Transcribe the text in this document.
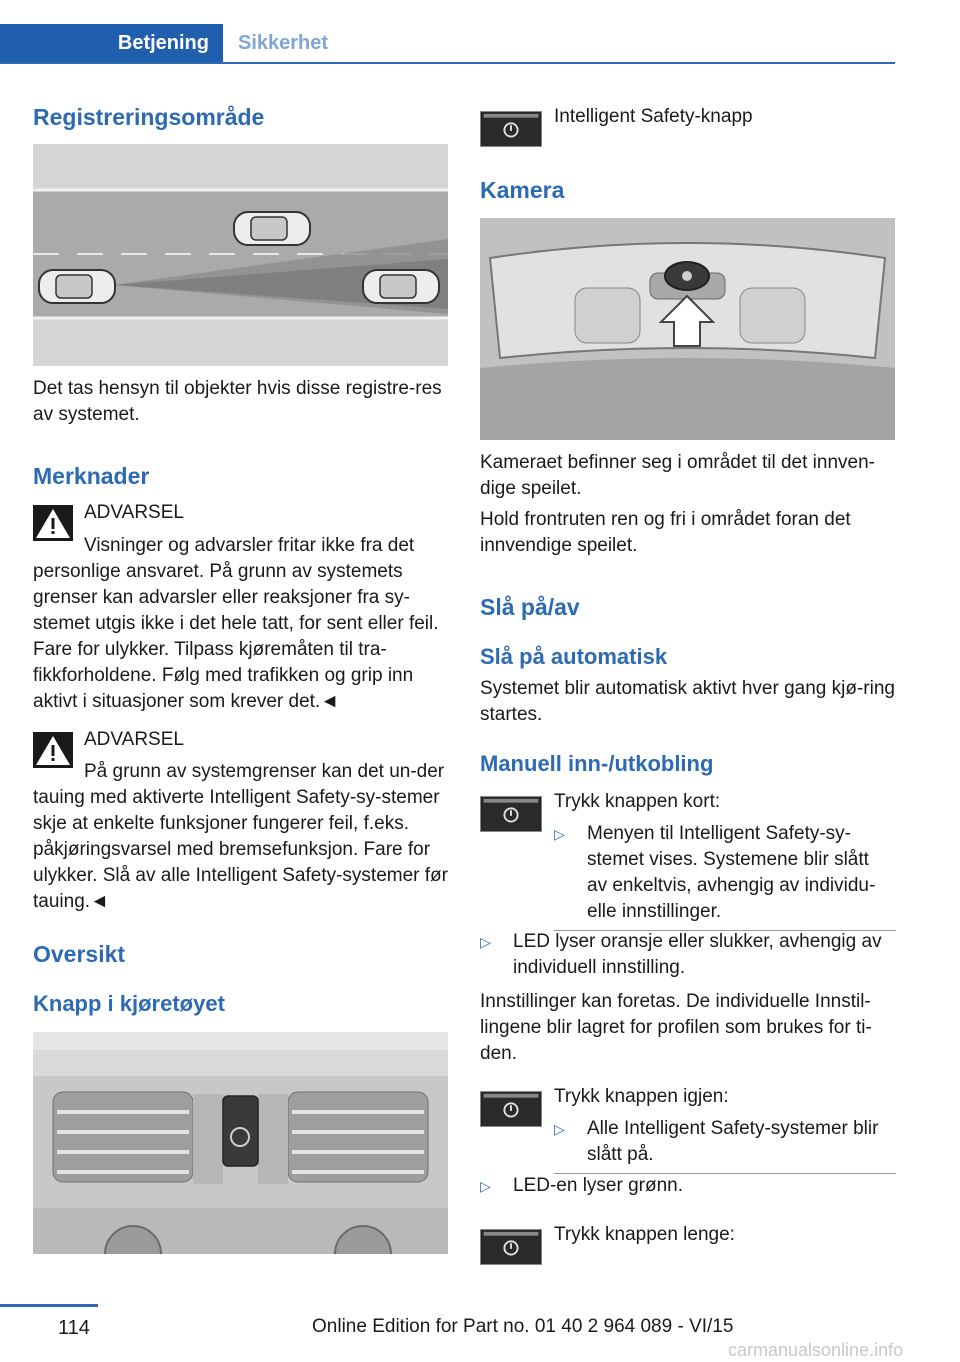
Betjening	Sikkerhet
Registreringsområde
Det tas hensyn til objekter hvis disse registre-res av systemet.
Merknader
ADVARSEL
Visninger og advarsler fritar ikke fra det personlige ansvaret. På grunn av systemets grenser kan advarsler eller reaksjoner fra sy-stemet utgis ikke i det hele tatt, for sent eller feil. Fare for ulykker. Tilpass kjøremåten til tra-fikkforholdene. Følg med trafikken og grip inn aktivt i situasjoner som krever det.◄
ADVARSEL
På grunn av systemgrenser kan det un-der tauing med aktiverte Intelligent Safety-sy-stemer skje at enkelte funksjoner fungerer feil, f.eks. påkjøringsvarsel med bremsefunksjon. Fare for ulykker. Slå av alle Intelligent Safety-systemer før tauing.◄
Oversikt
Knapp i kjøretøyet
Intelligent Safety-knapp
Kamera
Kameraet befinner seg i området til det innven-dige speilet.
Hold frontruten ren og fri i området foran det innvendige speilet.
Slå på/av
Slå på automatisk
Systemet blir automatisk aktivt hver gang kjø-ring startes.
Manuell inn-/utkobling
Trykk knappen kort:
▷ Menyen til Intelligent Safety-sy-stemet vises. Systemene blir slått av enkeltvis, avhengig av individu-elle innstillinger.
▷ LED lyser oransje eller slukker, avhengig av individuell innstilling.
Innstillinger kan foretas. De individuelle Innstil-lingene blir lagret for profilen som brukes for ti-den.
Trykk knappen igjen:
▷ Alle Intelligent Safety-systemer blir slått på.
▷ LED-en lyser grønn.
Trykk knappen lenge:
114	Online Edition for Part no. 01 40 2 964 089 - VI/15
carmanualsonline.info
